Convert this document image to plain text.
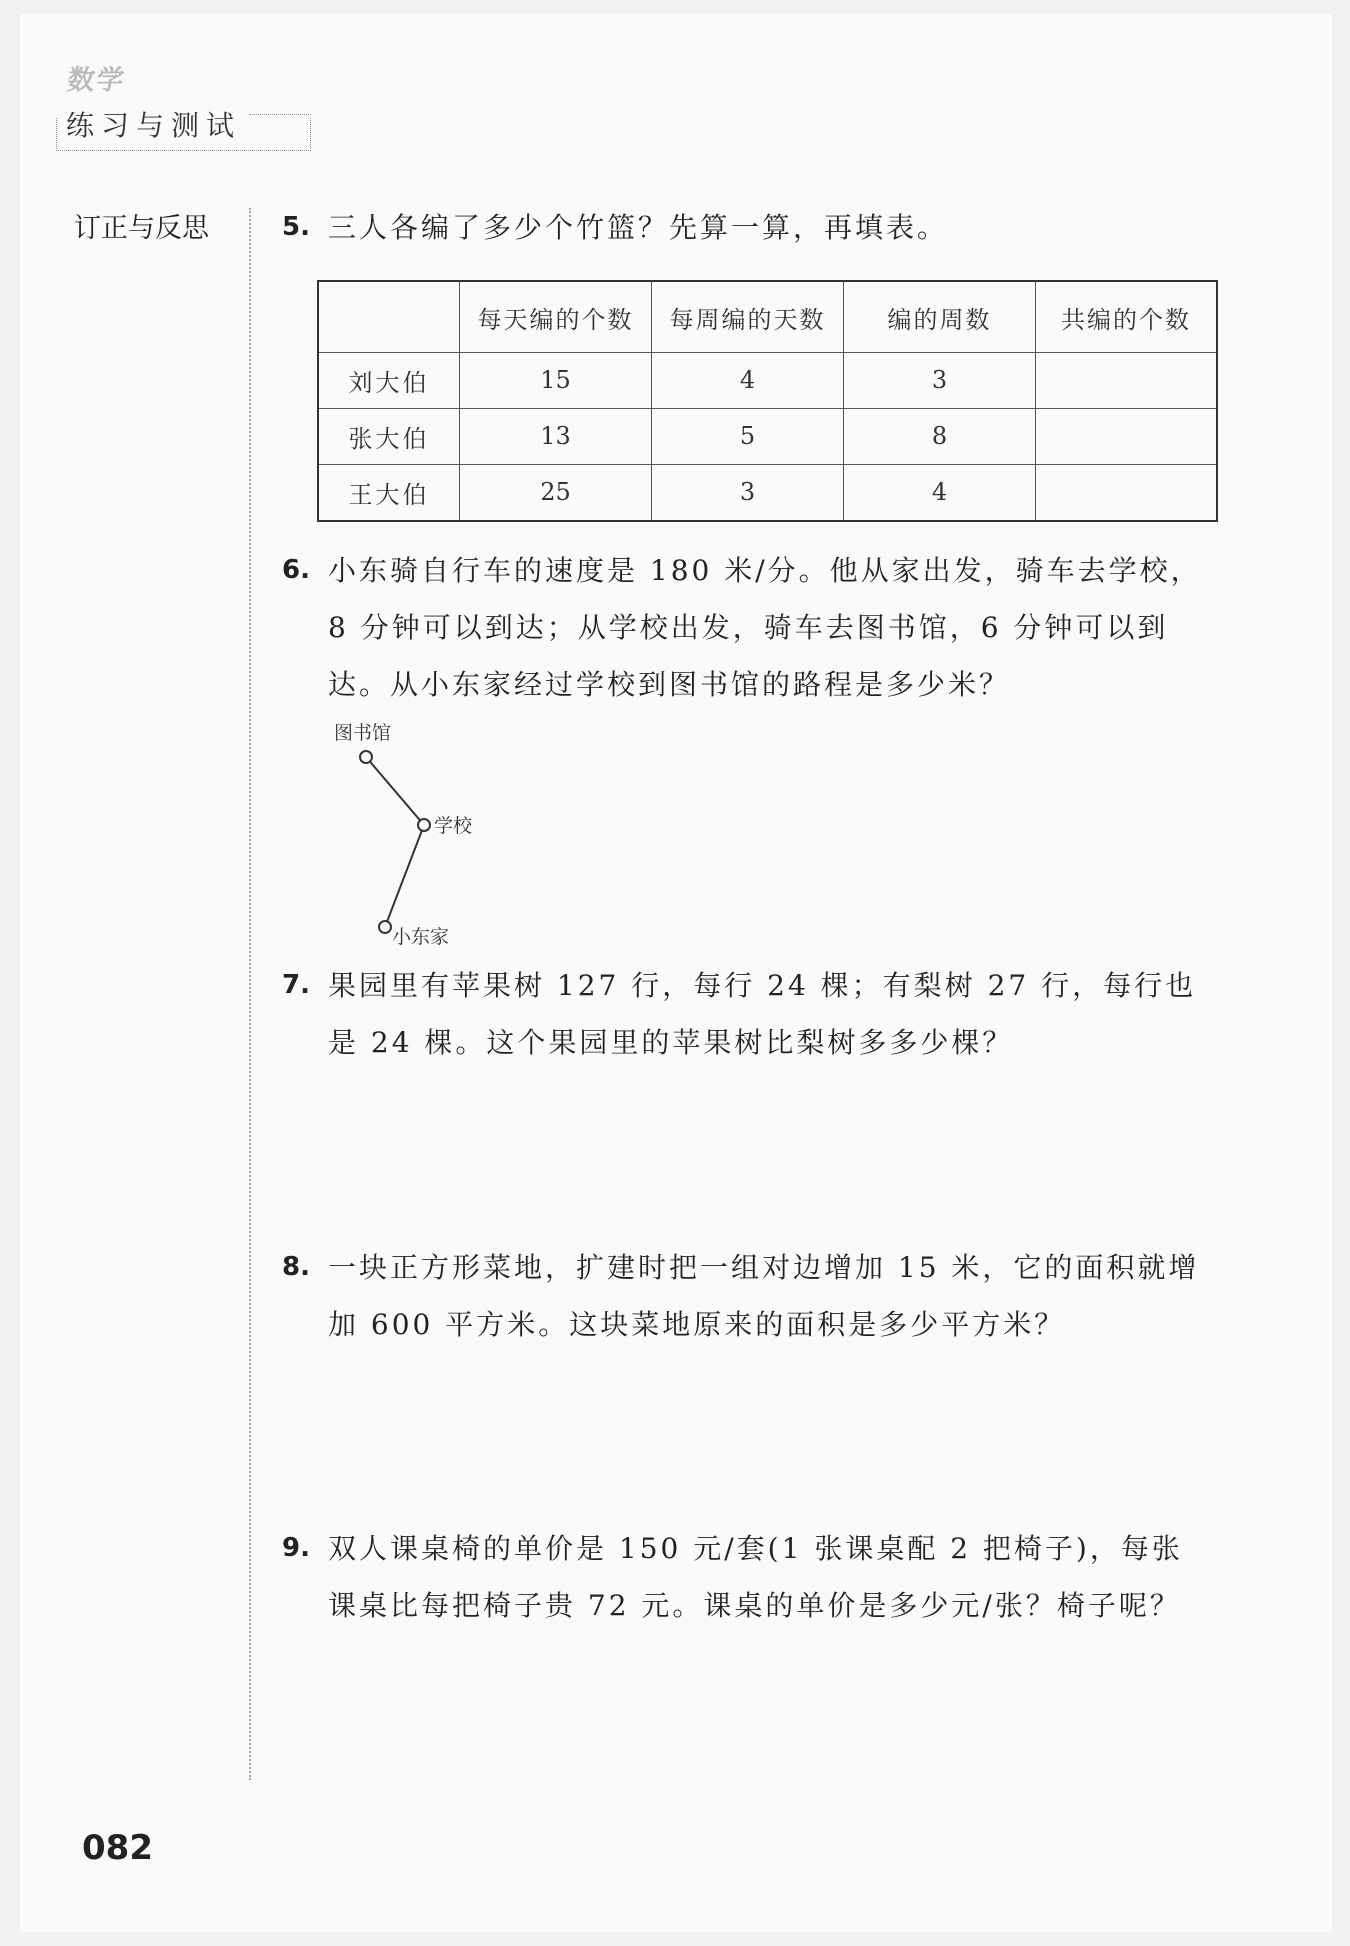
数学
练习与测试
订正与反思	5. 三人各编了多少个竹篮？先算一算，再填表。
	每天编的个数	每周编的天数	编的周数	共编的个数
刘大伯	15	4	3	
张大伯	13	5	8	
王大伯	25	3	4	
6. 小东骑自行车的速度是 180 米/分。他从家出发，骑车去学校，8 分钟可以到达；从学校出发，骑车去图书馆，6 分钟可以到达。从小东家经过学校到图书馆的路程是多少米？
图书馆
学校
小东家
7. 果园里有苹果树 127 行，每行 24 棵；有梨树 27 行，每行也是 24 棵。这个果园里的苹果树比梨树多多少棵？
8. 一块正方形菜地，扩建时把一组对边增加 15 米，它的面积就增加 600 平方米。这块菜地原来的面积是多少平方米？
9. 双人课桌椅的单价是 150 元/套(1 张课桌配 2 把椅子)，每张课桌比每把椅子贵 72 元。课桌的单价是多少元/张？椅子呢？
082
